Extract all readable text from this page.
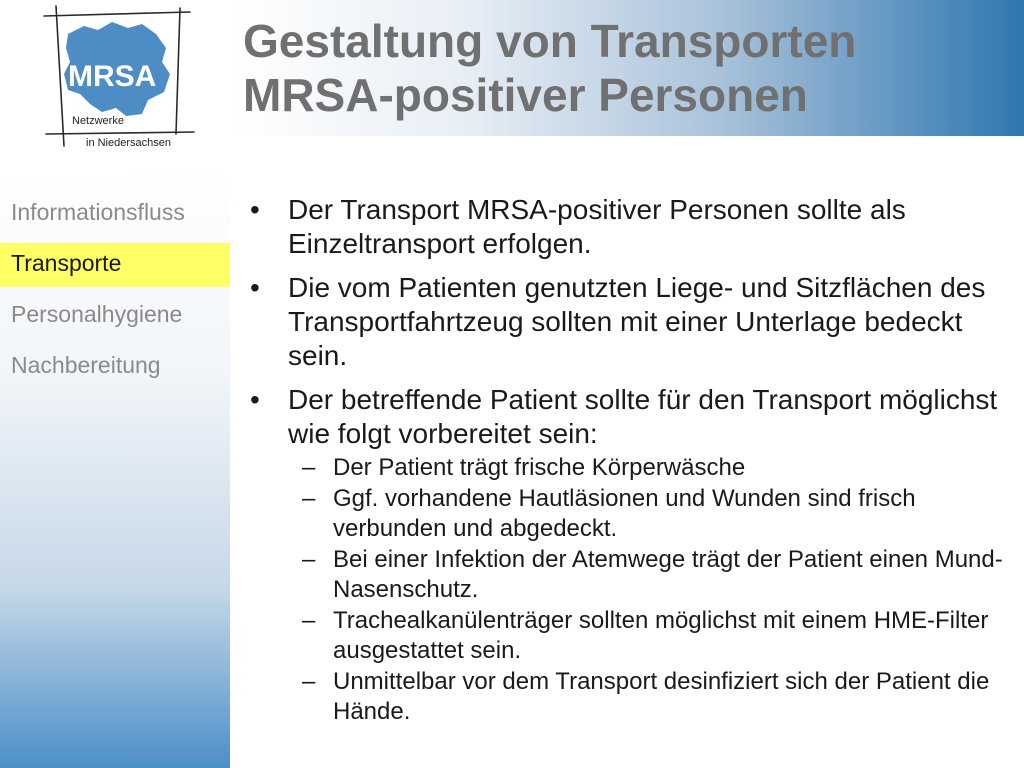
MRSA
Netzwerke
in Niedersachsen
Gestaltung von Transporten
MRSA-positiver Personen
Informationsfluss
Transporte
Personalhygiene
Nachbereitung
• Der Transport MRSA-positiver Personen sollte als Einzeltransport erfolgen.
• Die vom Patienten genutzten Liege- und Sitzflächen des Transportfahrtzeug sollten mit einer Unterlage bedeckt sein.
• Der betreffende Patient sollte für den Transport möglichst wie folgt vorbereitet sein:
– Der Patient trägt frische Körperwäsche
– Ggf. vorhandene Hautläsionen und Wunden sind frisch verbunden und abgedeckt.
– Bei einer Infektion der Atemwege trägt der Patient einen Mund-Nasenschutz.
– Trachealkanülenträger sollten möglichst mit einem HME-Filter ausgestattet sein.
– Unmittelbar vor dem Transport desinfiziert sich der Patient die Hände.
